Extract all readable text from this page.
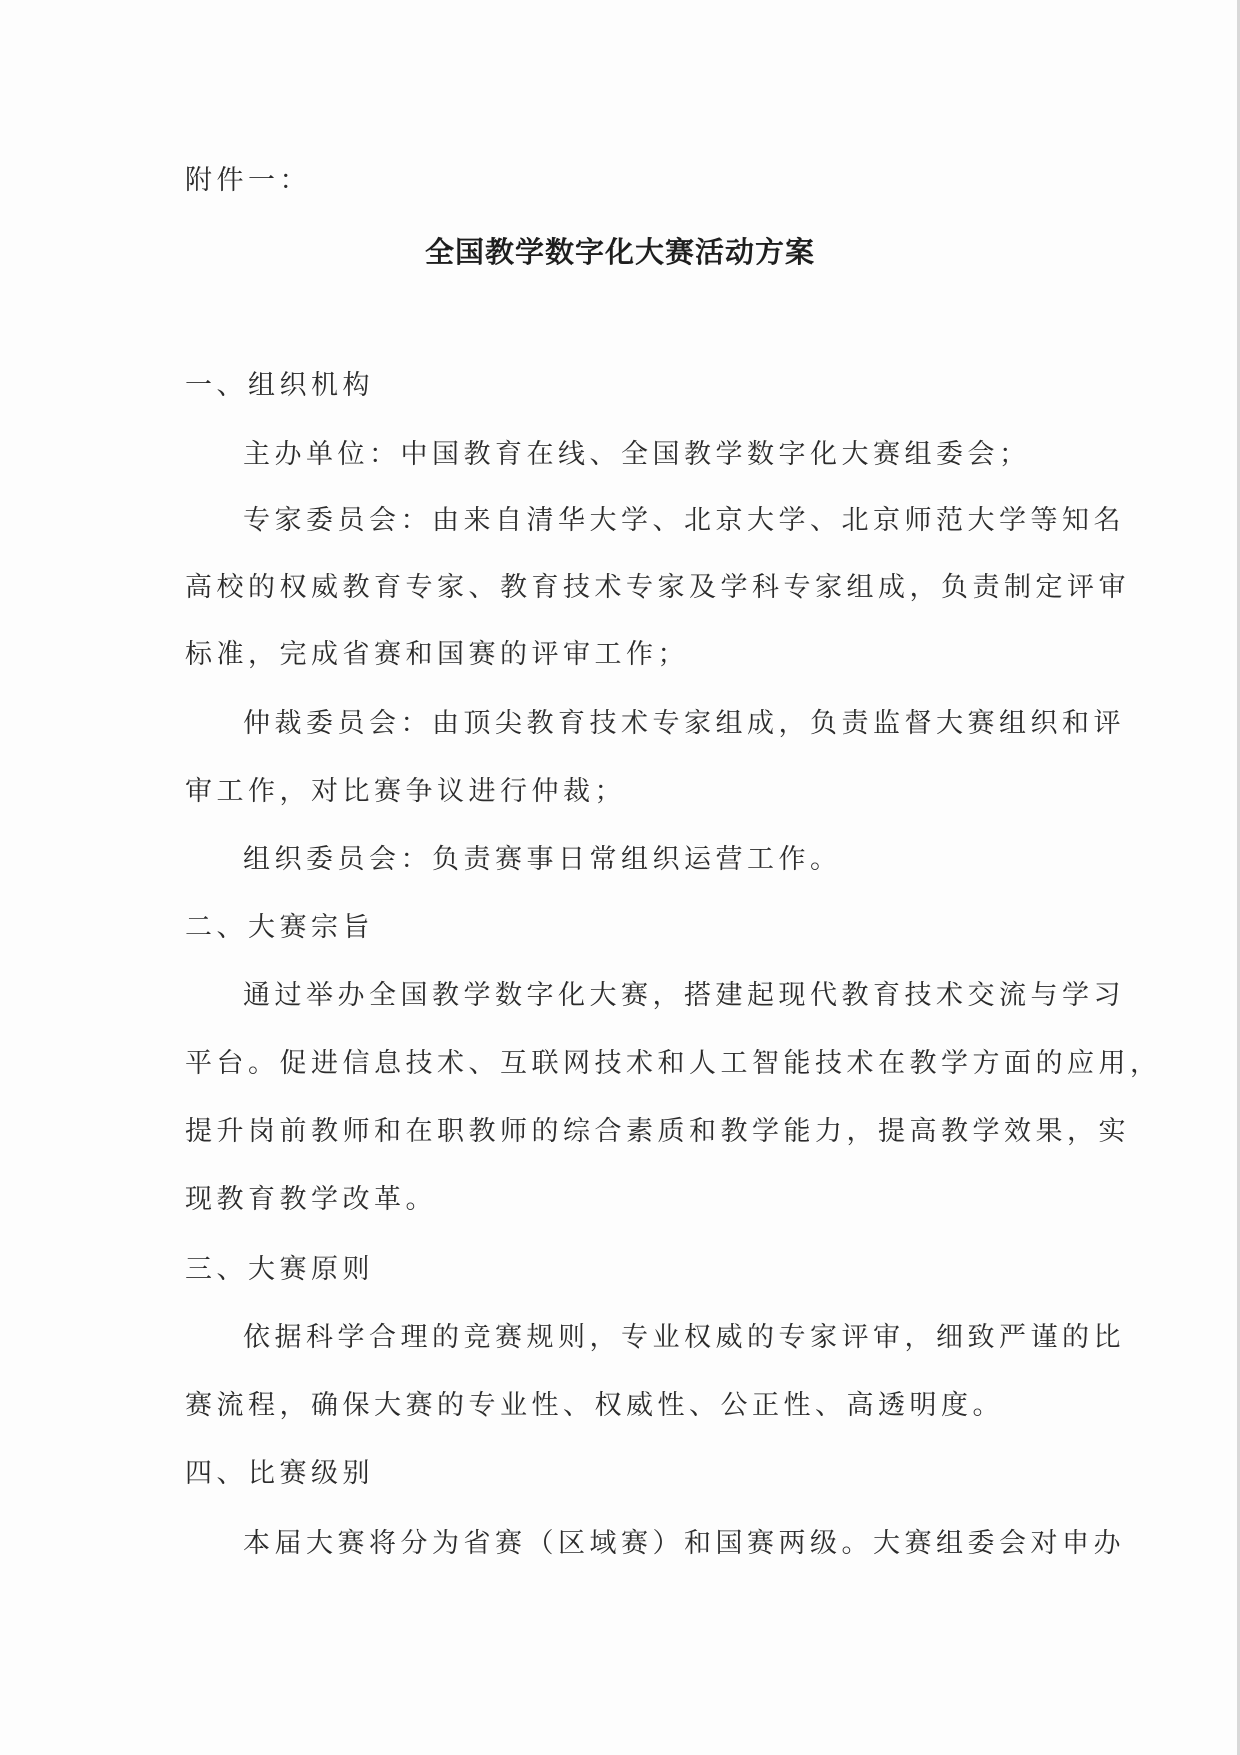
附件一：
全国教学数字化大赛活动方案
一、组织机构
主办单位：中国教育在线、全国教学数字化大赛组委会；
专家委员会：由来自清华大学、北京大学、北京师范大学等知名
高校的权威教育专家、教育技术专家及学科专家组成，负责制定评审
标准，完成省赛和国赛的评审工作；
仲裁委员会：由顶尖教育技术专家组成，负责监督大赛组织和评
审工作，对比赛争议进行仲裁；
组织委员会：负责赛事日常组织运营工作。
二、大赛宗旨
通过举办全国教学数字化大赛，搭建起现代教育技术交流与学习
平台。促进信息技术、互联网技术和人工智能技术在教学方面的应用，
提升岗前教师和在职教师的综合素质和教学能力，提高教学效果，实
现教育教学改革。
三、大赛原则
依据科学合理的竞赛规则，专业权威的专家评审，细致严谨的比
赛流程，确保大赛的专业性、权威性、公正性、高透明度。
四、比赛级别
本届大赛将分为省赛（区域赛）和国赛两级。大赛组委会对申办
